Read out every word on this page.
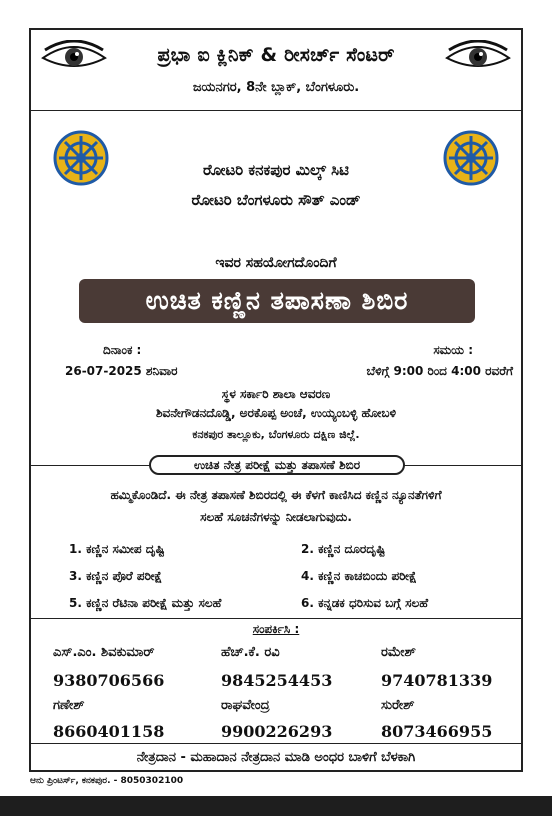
ಪ್ರಭಾ ಐ ಕ್ಲಿನಿಕ್ & ರೀಸರ್ಚ್ ಸೆಂಟರ್
ಜಯನಗರ, 8ನೇ ಬ್ಲಾಕ್, ಬೆಂಗಳೂರು.
ರೋಟರಿ ಕನಕಪುರ ಮಿಲ್ಕ್ ಸಿಟಿ
ರೋಟರಿ ಬೆಂಗಳೂರು ಸೌತ್ ಎಂಡ್
ಇವರ ಸಹಯೋಗದೊಂದಿಗೆ
ಉಚಿತ ಕಣ್ಣಿನ ತಪಾಸಣಾ ಶಿಬಿರ
ದಿನಾಂಕ :	ಸಮಯ :
26-07-2025 ಶನಿವಾರ	ಬೆಳಿಗ್ಗೆ 9:00 ರಿಂದ 4:00 ರವರೆಗೆ
ಸ್ಥಳ ಸರ್ಕಾರಿ ಶಾಲಾ ಆವರಣ
ಶಿವನೇಗೌಡನದೊಡ್ಡಿ, ಅರಕೊಪ್ಪ ಅಂಚೆ, ಉಯ್ಯಂಬಳ್ಳಿ ಹೋಬಳಿ
ಕನಕಪುರ ತಾಲ್ಲೂಕು, ಬೆಂಗಳೂರು ದಕ್ಷಿಣ ಜಿಲ್ಲೆ.
ಉಚಿತ ನೇತ್ರ ಪರೀಕ್ಷೆ ಮತ್ತು ತಪಾಸಣೆ ಶಿಬಿರ
ಹಮ್ಮಿಕೊಂಡಿದೆ. ಈ ನೇತ್ರ ತಪಾಸಣೆ ಶಿಬಿರದಲ್ಲಿ ಈ ಕೆಳಗೆ ಕಾಣಿಸಿದ ಕಣ್ಣಿನ ನ್ಯೂನತೆಗಳಿಗೆ
ಸಲಹೆ ಸೂಚನೆಗಳನ್ನು ನೀಡಲಾಗುವುದು.
1. ಕಣ್ಣಿನ ಸಮೀಪ ದೃಷ್ಟಿ	2. ಕಣ್ಣಿನ ದೂರದೃಷ್ಟಿ
3. ಕಣ್ಣಿನ ಪೊರೆ ಪರೀಕ್ಷೆ	4. ಕಣ್ಣಿನ ಕಾಚಬಿಂದು ಪರೀಕ್ಷೆ
5. ಕಣ್ಣಿನ ರೆಟಿನಾ ಪರೀಕ್ಷೆ ಮತ್ತು ಸಲಹೆ	6. ಕನ್ನಡಕ ಧರಿಸುವ ಬಗ್ಗೆ ಸಲಹೆ
ಸಂಪರ್ಕಿಸಿ :
ಎಸ್.ಎಂ. ಶಿವಕುಮಾರ್	ಹೆಚ್.ಕೆ. ರವಿ	ರಮೇಶ್
9380706566	9845254453	9740781339
ಗಣೇಶ್	ರಾಘವೇಂದ್ರ	ಸುರೇಶ್
8660401158	9900226293	8073466955
ನೇತ್ರದಾನ - ಮಹಾದಾನ ನೇತ್ರದಾನ ಮಾಡಿ ಅಂಧರ ಬಾಳಿಗೆ ಬೆಳಕಾಗಿ
ಆನು ಪ್ರಿಂಟರ್ಸ್, ಕನಕಪುರ. - 8050302100
